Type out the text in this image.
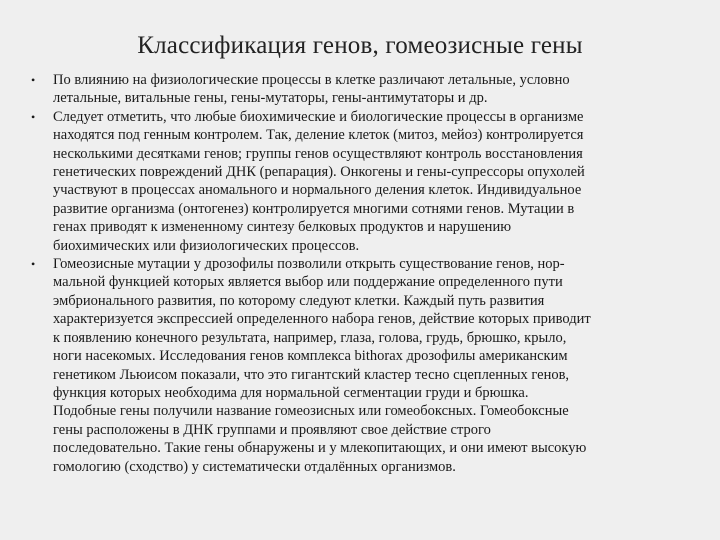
Классификация генов, гомеозисные гены
• По влиянию на физиологические процессы в клетке различают летальные, условно
летальные, витальные гены, гены-мутаторы, гены-антимутаторы и др.
• Следует отметить, что любые биохимические и биологические процессы в организме
находятся под генным контролем. Так, деление клеток (митоз, мейоз) контролируется
несколькими десятками генов; группы генов осуществляют контроль восстановления
генетических повреждений ДНК (репарация). Онкогены и гены-супрессоры опухолей
участвуют в процессах аномального и нормального деления клеток. Индивидуальное
развитие организма (онтогенез) контролируется многими сотнями генов. Мутации в
генах приводят к измененному синтезу белковых продуктов и нарушению
биохимических или физиологических процессов.
• Гомеозисные мутации у дрозофилы позволили открыть существование генов, нор-
мальной функцией которых является выбор или поддержание определенного пути
эмбрионального развития, по которому следуют клетки. Каждый путь развития
характеризуется экспрессией определенного набора генов, действие которых приводит
к появлению конечного результата, например, глаза, голова, грудь, брюшко, крыло,
ноги насекомых. Исследования генов комплекса bithorax дрозофилы американским
генетиком Льюисом показали, что это гигантский кластер тесно сцепленных генов,
функция которых необходима для нормальной сегментации груди и брюшка.
Подобные гены получили название гомеозисных или гомеобоксных. Гомеобоксные
гены расположены в ДНК группами и проявляют свое действие строго
последовательно. Такие гены обнаружены и у млекопитающих, и они имеют высокую
гомологию (сходство) у систематически отдалённых организмов.
